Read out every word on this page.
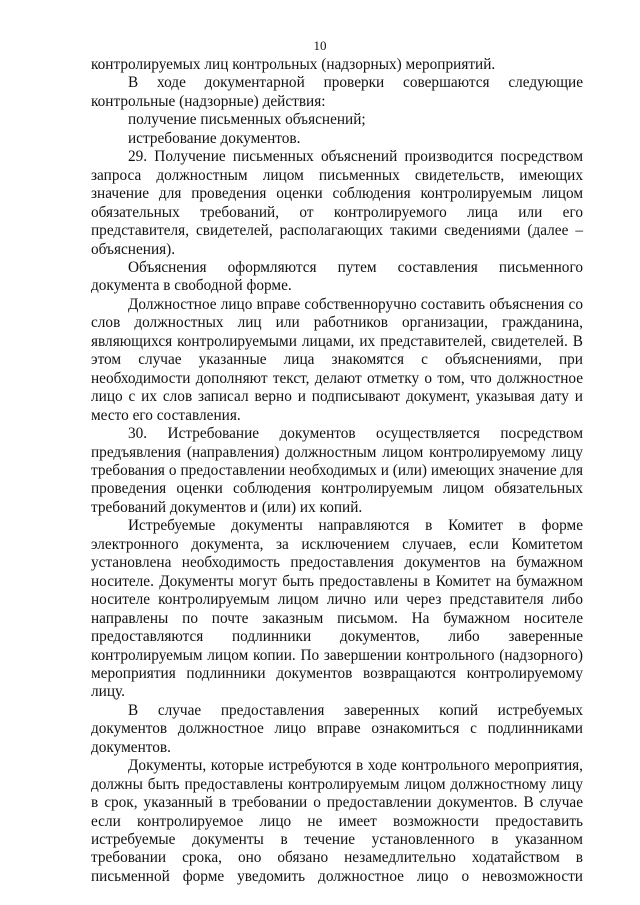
10

контролируемых лиц контрольных (надзорных) мероприятий.

В ходе документарной проверки совершаются следующие контрольные (надзорные) действия:

получение письменных объяснений;

истребование документов.

29. Получение письменных объяснений производится посредством запроса должностным лицом письменных свидетельств, имеющих значение для проведения оценки соблюдения контролируемым лицом обязательных требований, от контролируемого лица или его представителя, свидетелей, располагающих такими сведениями (далее – объяснения).

Объяснения оформляются путем составления письменного документа в свободной форме.

Должностное лицо вправе собственноручно составить объяснения со слов должностных лиц или работников организации, гражданина, являющихся контролируемыми лицами, их представителей, свидетелей. В этом случае указанные лица знакомятся с объяснениями, при необходимости дополняют текст, делают отметку о том, что должностное лицо с их слов записал верно и подписывают документ, указывая дату и место его составления.

30. Истребование документов осуществляется посредством предъявления (направления) должностным лицом контролируемому лицу требования о предоставлении необходимых и (или) имеющих значение для проведения оценки соблюдения контролируемым лицом обязательных требований документов и (или) их копий.

Истребуемые документы направляются в Комитет в форме электронного документа, за исключением случаев, если Комитетом установлена необходимость предоставления документов на бумажном носителе. Документы могут быть предоставлены в Комитет на бумажном носителе контролируемым лицом лично или через представителя либо направлены по почте заказным письмом. На бумажном носителе предоставляются подлинники документов, либо заверенные контролируемым лицом копии. По завершении контрольного (надзорного) мероприятия подлинники документов возвращаются контролируемому лицу.

В случае предоставления заверенных копий истребуемых документов должностное лицо вправе ознакомиться с подлинниками документов.

Документы, которые истребуются в ходе контрольного мероприятия, должны быть предоставлены контролируемым лицом должностному лицу в срок, указанный в требовании о предоставлении документов. В случае если контролируемое лицо не имеет возможности предоставить истребуемые документы в течение установленного в указанном требовании срока, оно обязано незамедлительно ходатайством в письменной форме уведомить должностное лицо о невозможности
